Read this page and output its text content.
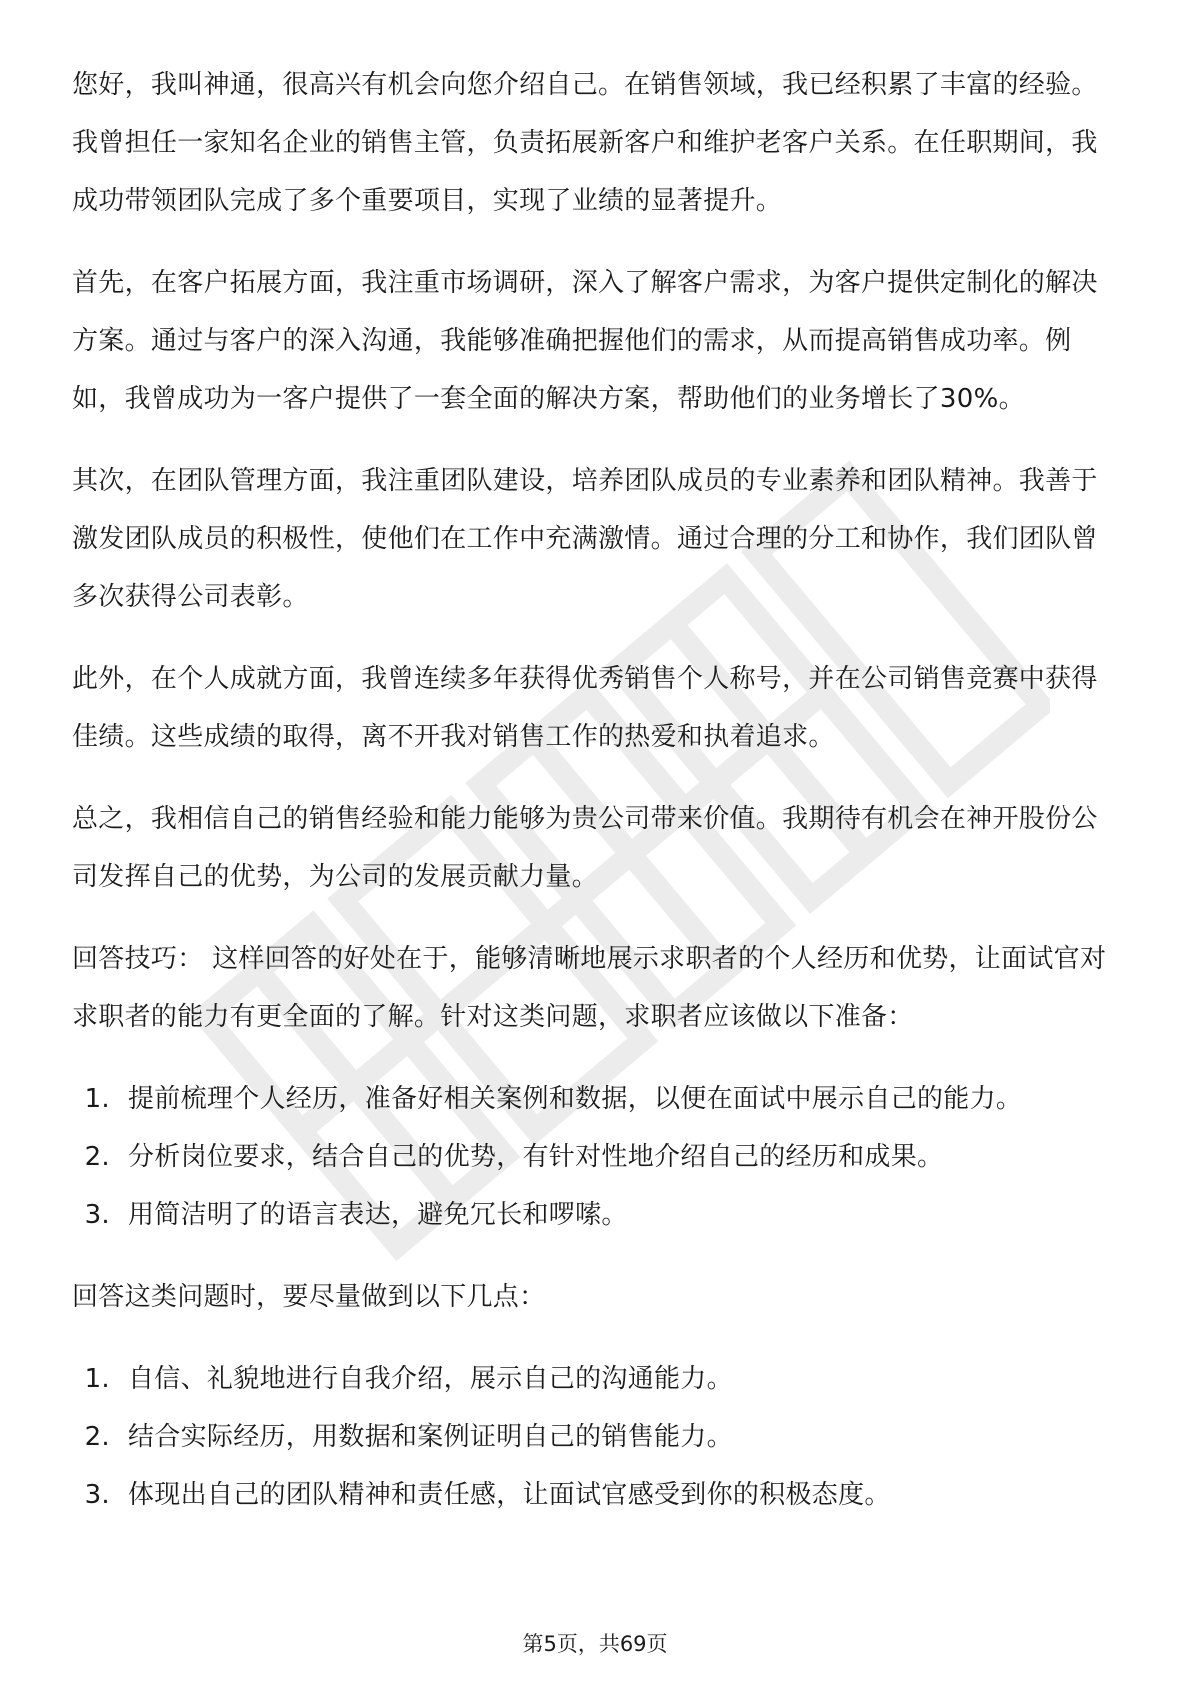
您好，我叫神通，很高兴有机会向您介绍自己。在销售领域，我已经积累了丰富的经验。我曾担任一家知名企业的销售主管，负责拓展新客户和维护老客户关系。在任职期间，我成功带领团队完成了多个重要项目，实现了业绩的显著提升。

首先，在客户拓展方面，我注重市场调研，深入了解客户需求，为客户提供定制化的解决方案。通过与客户的深入沟通，我能够准确把握他们的需求，从而提高销售成功率。例如，我曾成功为一客户提供了一套全面的解决方案，帮助他们的业务增长了30%。

其次，在团队管理方面，我注重团队建设，培养团队成员的专业素养和团队精神。我善于激发团队成员的积极性，使他们在工作中充满激情。通过合理的分工和协作，我们团队曾多次获得公司表彰。

此外，在个人成就方面，我曾连续多年获得优秀销售个人称号，并在公司销售竞赛中获得佳绩。这些成绩的取得，离不开我对销售工作的热爱和执着追求。

总之，我相信自己的销售经验和能力能够为贵公司带来价值。我期待有机会在神开股份公司发挥自己的优势，为公司的发展贡献力量。

回答技巧： 这样回答的好处在于，能够清晰地展示求职者的个人经历和优势，让面试官对求职者的能力有更全面的了解。针对这类问题，求职者应该做以下准备：

1. 提前梳理个人经历，准备好相关案例和数据，以便在面试中展示自己的能力。
2. 分析岗位要求，结合自己的优势，有针对性地介绍自己的经历和成果。
3. 用简洁明了的语言表达，避免冗长和啰嗦。

回答这类问题时，要尽量做到以下几点：

1. 自信、礼貌地进行自我介绍，展示自己的沟通能力。
2. 结合实际经历，用数据和案例证明自己的销售能力。
3. 体现出自己的团队精神和责任感，让面试官感受到你的积极态度。
第5页，共69页
